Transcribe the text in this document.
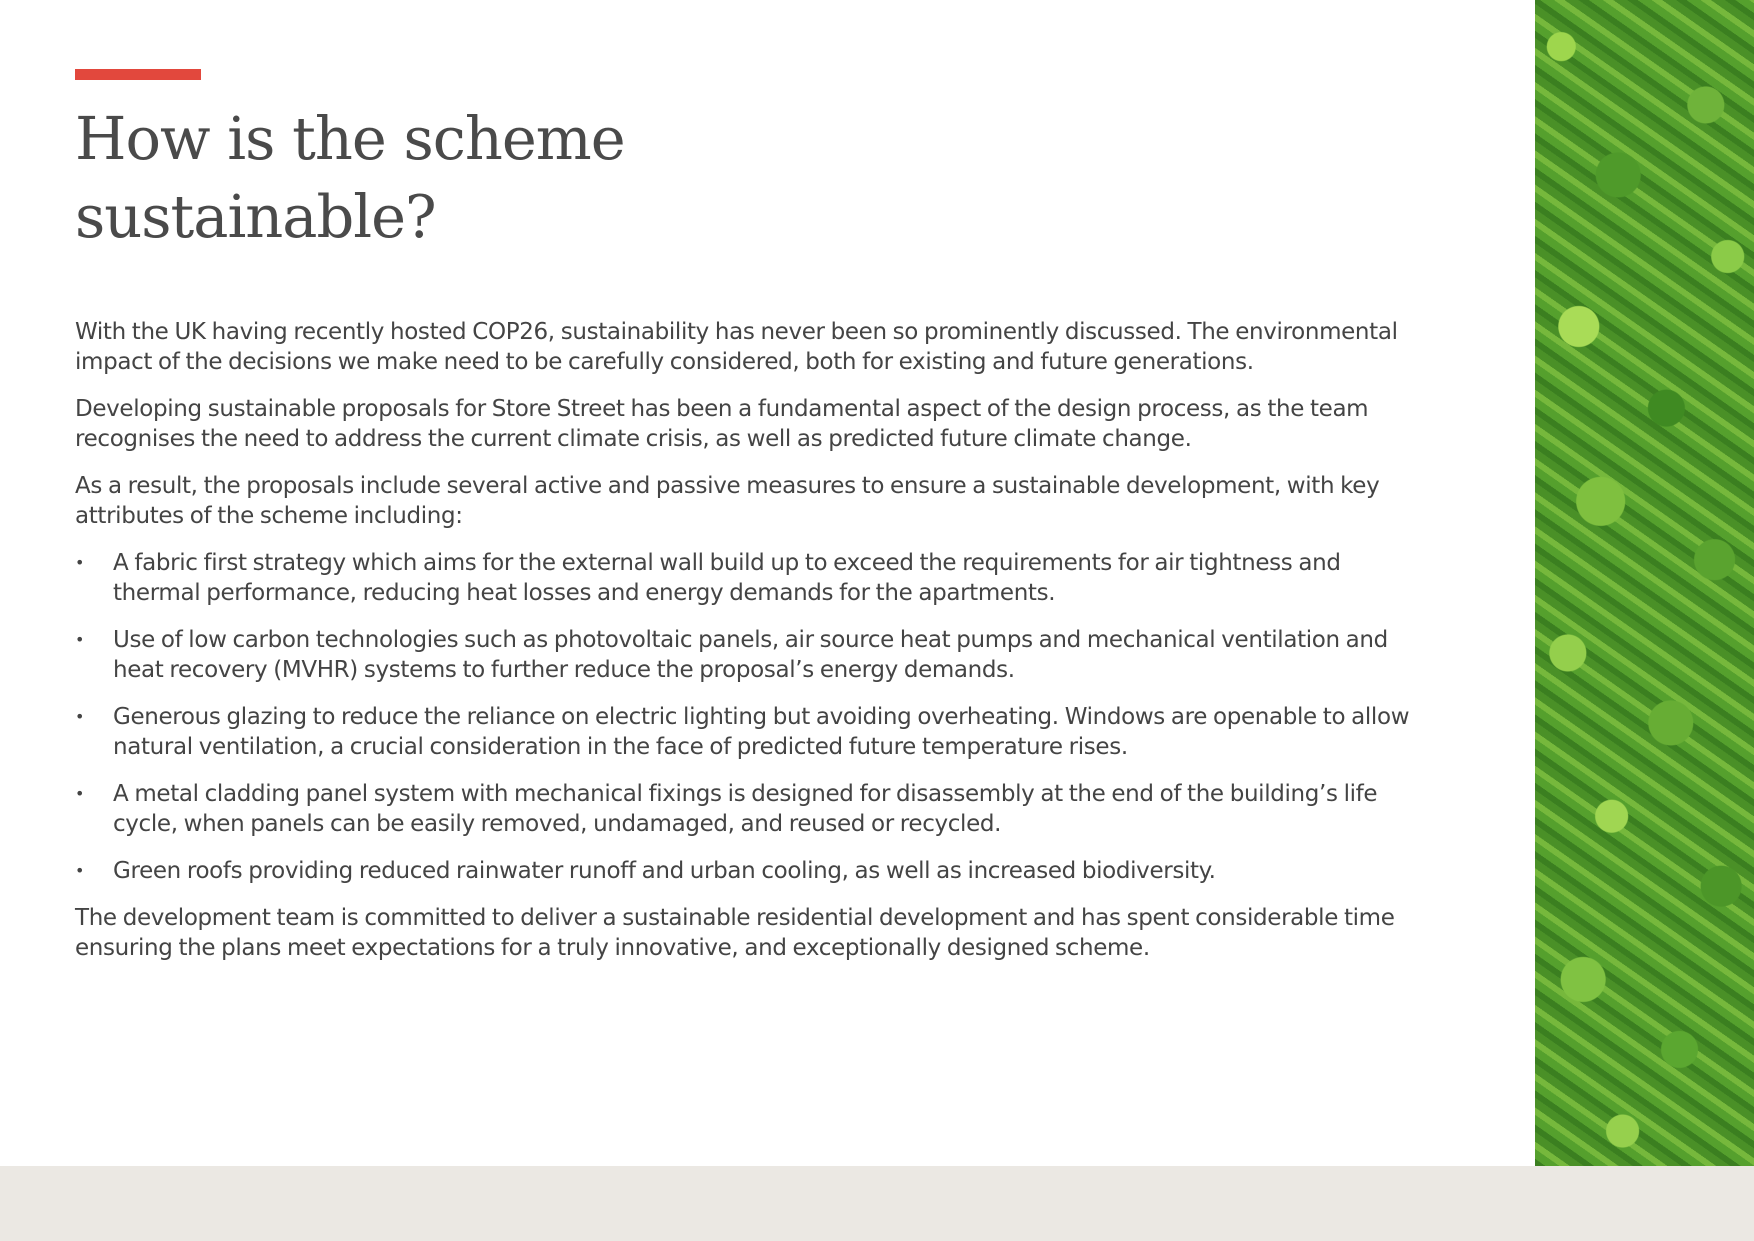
How is the scheme
sustainable?

With the UK having recently hosted COP26, sustainability has never been so prominently discussed. The environmental impact of the decisions we make need to be carefully considered, both for existing and future generations.

Developing sustainable proposals for Store Street has been a fundamental aspect of the design process, as the team recognises the need to address the current climate crisis, as well as predicted future climate change.

As a result, the proposals include several active and passive measures to ensure a sustainable development, with key attributes of the scheme including:

• A fabric first strategy which aims for the external wall build up to exceed the requirements for air tightness and thermal performance, reducing heat losses and energy demands for the apartments.
• Use of low carbon technologies such as photovoltaic panels, air source heat pumps and mechanical ventilation and heat recovery (MVHR) systems to further reduce the proposal’s energy demands.
• Generous glazing to reduce the reliance on electric lighting but avoiding overheating. Windows are openable to allow natural ventilation, a crucial consideration in the face of predicted future temperature rises.
• A metal cladding panel system with mechanical fixings is designed for disassembly at the end of the building’s life cycle, when panels can be easily removed, undamaged, and reused or recycled.
• Green roofs providing reduced rainwater runoff and urban cooling, as well as increased biodiversity.

The development team is committed to deliver a sustainable residential development and has spent considerable time ensuring the plans meet expectations for a truly innovative, and exceptionally designed scheme.
